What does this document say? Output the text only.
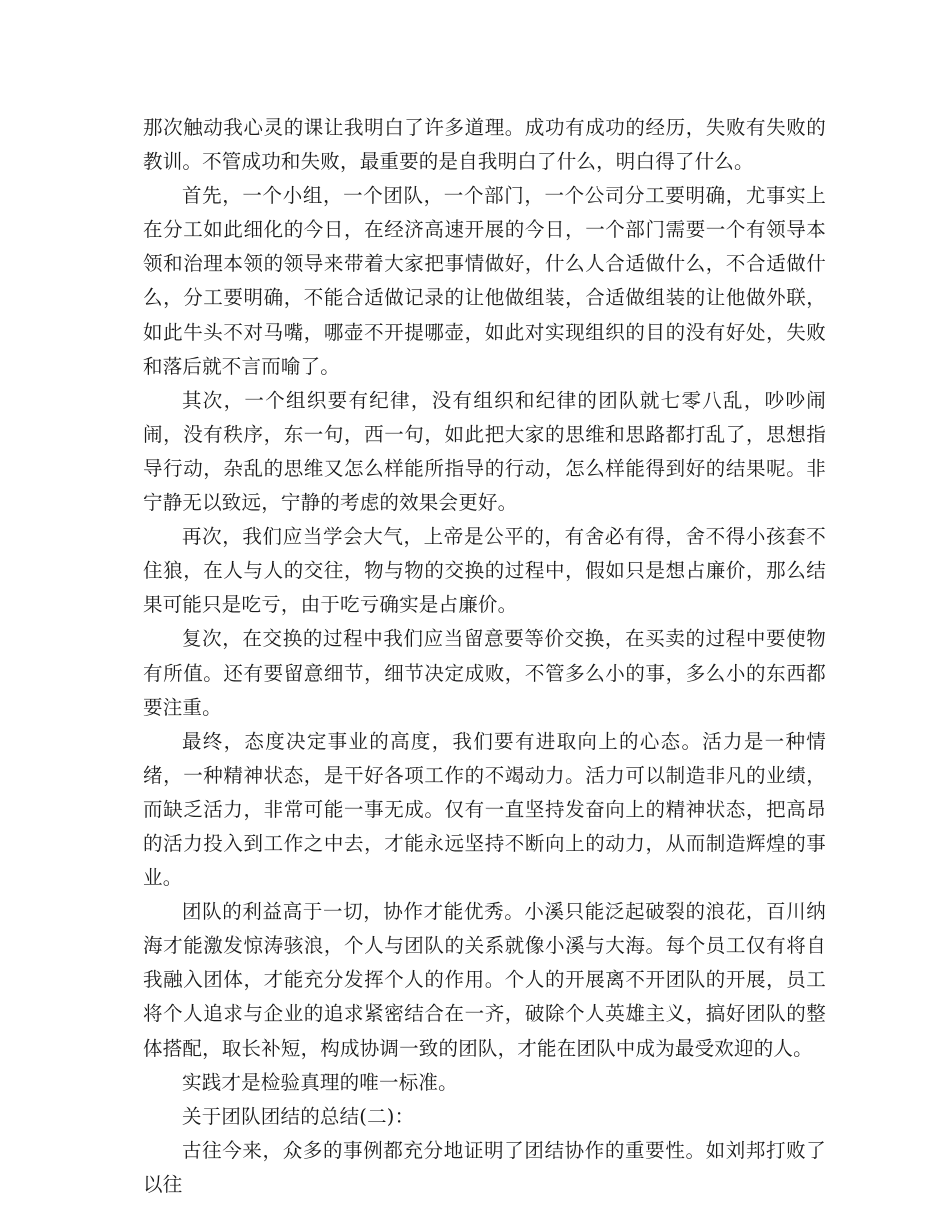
那次触动我心灵的课让我明白了许多道理。成功有成功的经历，失败有失败的教训。不管成功和失败，最重要的是自我明白了什么，明白得了什么。

首先，一个小组，一个团队，一个部门，一个公司分工要明确，尤事实上在分工如此细化的今日，在经济高速开展的今日，一个部门需要一个有领导本领和治理本领的领导来带着大家把事情做好，什么人合适做什么，不合适做什么，分工要明确，不能合适做记录的让他做组装，合适做组装的让他做外联，如此牛头不对马嘴，哪壶不开提哪壶，如此对实现组织的目的没有好处，失败和落后就不言而喻了。

其次，一个组织要有纪律，没有组织和纪律的团队就七零八乱，吵吵闹闹，没有秩序，东一句，西一句，如此把大家的思维和思路都打乱了，思想指导行动，杂乱的思维又怎么样能所指导的行动，怎么样能得到好的结果呢。非宁静无以致远，宁静的考虑的效果会更好。

再次，我们应当学会大气，上帝是公平的，有舍必有得，舍不得小孩套不住狼，在人与人的交往，物与物的交换的过程中，假如只是想占廉价，那么结果可能只是吃亏，由于吃亏确实是占廉价。

复次，在交换的过程中我们应当留意要等价交换，在买卖的过程中要使物有所值。还有要留意细节，细节决定成败，不管多么小的事，多么小的东西都要注重。

最终，态度决定事业的高度，我们要有进取向上的心态。活力是一种情绪，一种精神状态，是干好各项工作的不竭动力。活力可以制造非凡的业绩，而缺乏活力，非常可能一事无成。仅有一直坚持发奋向上的精神状态，把高昂的活力投入到工作之中去，才能永远坚持不断向上的动力，从而制造辉煌的事业。

团队的利益高于一切，协作才能优秀。小溪只能泛起破裂的浪花，百川纳海才能激发惊涛骇浪，个人与团队的关系就像小溪与大海。每个员工仅有将自我融入团体，才能充分发挥个人的作用。个人的开展离不开团队的开展，员工将个人追求与企业的追求紧密结合在一齐，破除个人英雄主义，搞好团队的整体搭配，取长补短，构成协调一致的团队，才能在团队中成为最受欢迎的人。

实践才是检验真理的唯一标准。

关于团队团结的总结(二)：

古往今来，众多的事例都充分地证明了团结协作的重要性。如刘邦打败了以往
